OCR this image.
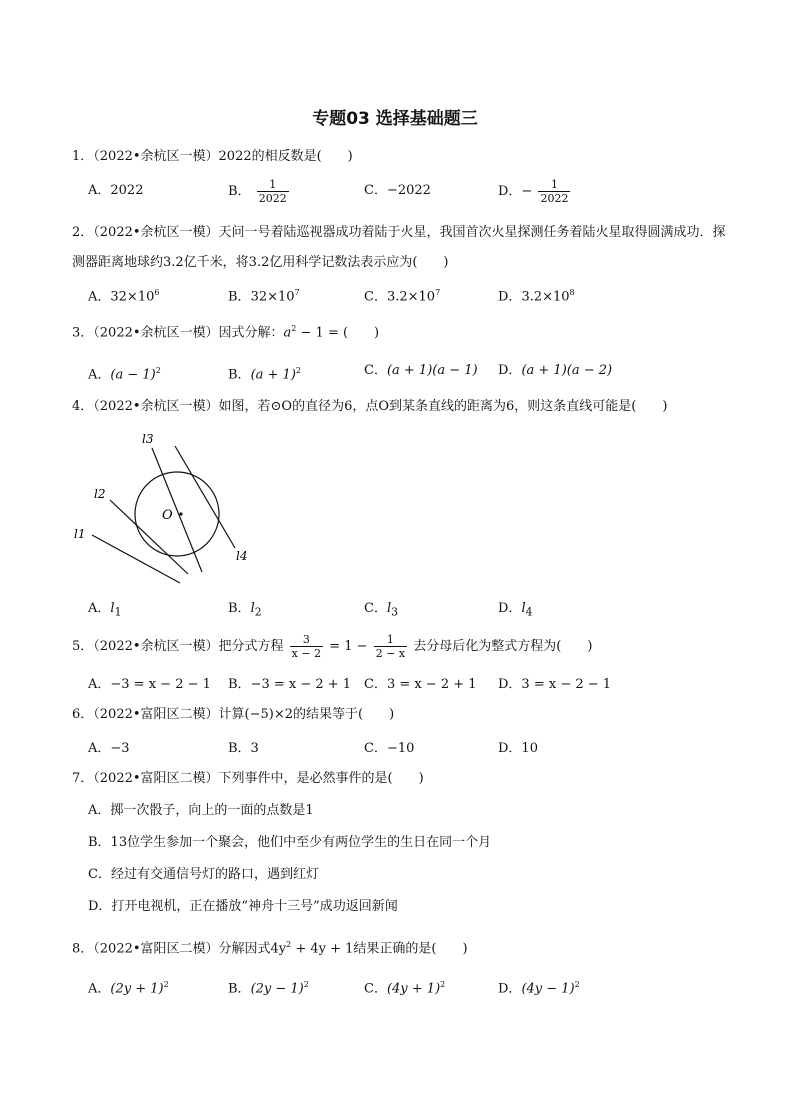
专题03 选择基础题三
1．（2022•余杭区一模）2022的相反数是(　　)
A．2022	B． $\frac{1}{2022}$	C．−2022	D．− $\frac{1}{2022}$
2．（2022•余杭区一模）天问一号着陆巡视器成功着陆于火星，我国首次火星探测任务着陆火星取得圆满成功．探测器距离地球约3.2亿千米，将3.2亿用科学记数法表示应为(　　)
A．$32\times 10^6$	B．$32\times 10^7$	C．$3.2\times 10^7$	D．$3.2\times 10^8$
3．（2022•余杭区一模）因式分解：$a^2 - 1$ = (　　)
A．$(a - 1)^2$	B．$(a + 1)^2$	C．(a + 1)(a − 1) D．(a + 1)(a − 2)
4．（2022•余杭区一模）如图，若⊙O的直径为6，点O到某条直线的距离为6，则这条直线可能是(　　)
l3
l2
l1
l4
O
A．$l_1$	B．$l_2$	C．$l_3$	D．$l_4$
5．（2022•余杭区一模）把分式方程 $\frac{3}{x - 2} = 1 - \frac{1}{2 - x}$ 去分母后化为整式方程为(　　)
A．−3 = x − 2 − 1 B．−3 = x − 2 + 1 C．3 = x − 2 + 1 D．3 = x − 2 − 1
6．（2022•富阳区二模）计算(−5)×2的结果等于(　　)
A．−3	B．3	C．−10	D．10
7．（2022•富阳区二模）下列事件中，是必然事件的是(　　)
A．掷一次骰子，向上的一面的点数是1
B．13位学生参加一个聚会，他们中至少有两位学生的生日在同一个月
C．经过有交通信号灯的路口，遇到红灯
D．打开电视机，正在播放“神舟十三号”成功返回新闻
8．（2022•富阳区二模）分解因式$4y^2 + 4y + 1$结果正确的是(　　)
A．$(2y + 1)^2$	B．$(2y - 1)^2$	C．$(4y + 1)^2$	D．$(4y - 1)^2$
